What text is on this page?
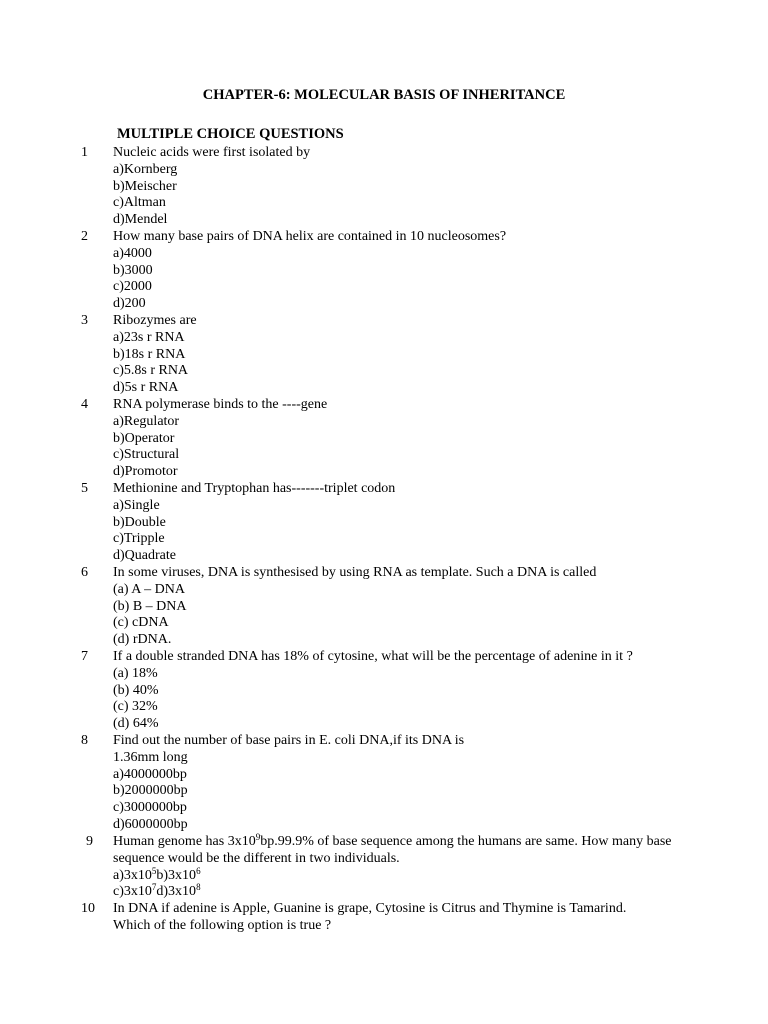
CHAPTER-6: MOLECULAR BASIS OF INHERITANCE
MULTIPLE CHOICE QUESTIONS
1 Nucleic acids were first isolated by
a)Kornberg
b)Meischer
c)Altman
d)Mendel
2 How many base pairs of DNA helix are contained in 10 nucleosomes?
a)4000
b)3000
c)2000
d)200
3 Ribozymes are
a)23s r RNA
b)18s r RNA
c)5.8s r RNA
d)5s r RNA
4 RNA polymerase binds to the ----gene
a)Regulator
b)Operator
c)Structural
d)Promotor
5 Methionine and Tryptophan has-------triplet codon
a)Single
b)Double
c)Tripple
d)Quadrate
6 In some viruses, DNA is synthesised by using RNA as template. Such a DNA is called
(a) A – DNA
(b) B – DNA
(c) cDNA
(d) rDNA.
7 If a double stranded DNA has 18% of cytosine, what will be the percentage of adenine in it ?
(a) 18%
(b) 40%
(c) 32%
(d) 64%
8 Find out the number of base pairs in E. coli DNA,if its DNA is
1.36mm long
a)4000000bp
b)2000000bp
c)3000000bp
d)6000000bp
9 Human genome has $3x10^9bp.99.9\%$ of base sequence among the humans are same. How many base
sequence would be the different in two individuals.
$a)3x10^5b)3x10^6$
$c)3x10^7d)3x10^8$
10 In DNA if adenine is Apple, Guanine is grape, Cytosine is Citrus and Thymine is Tamarind.
Which of the following option is true ?
